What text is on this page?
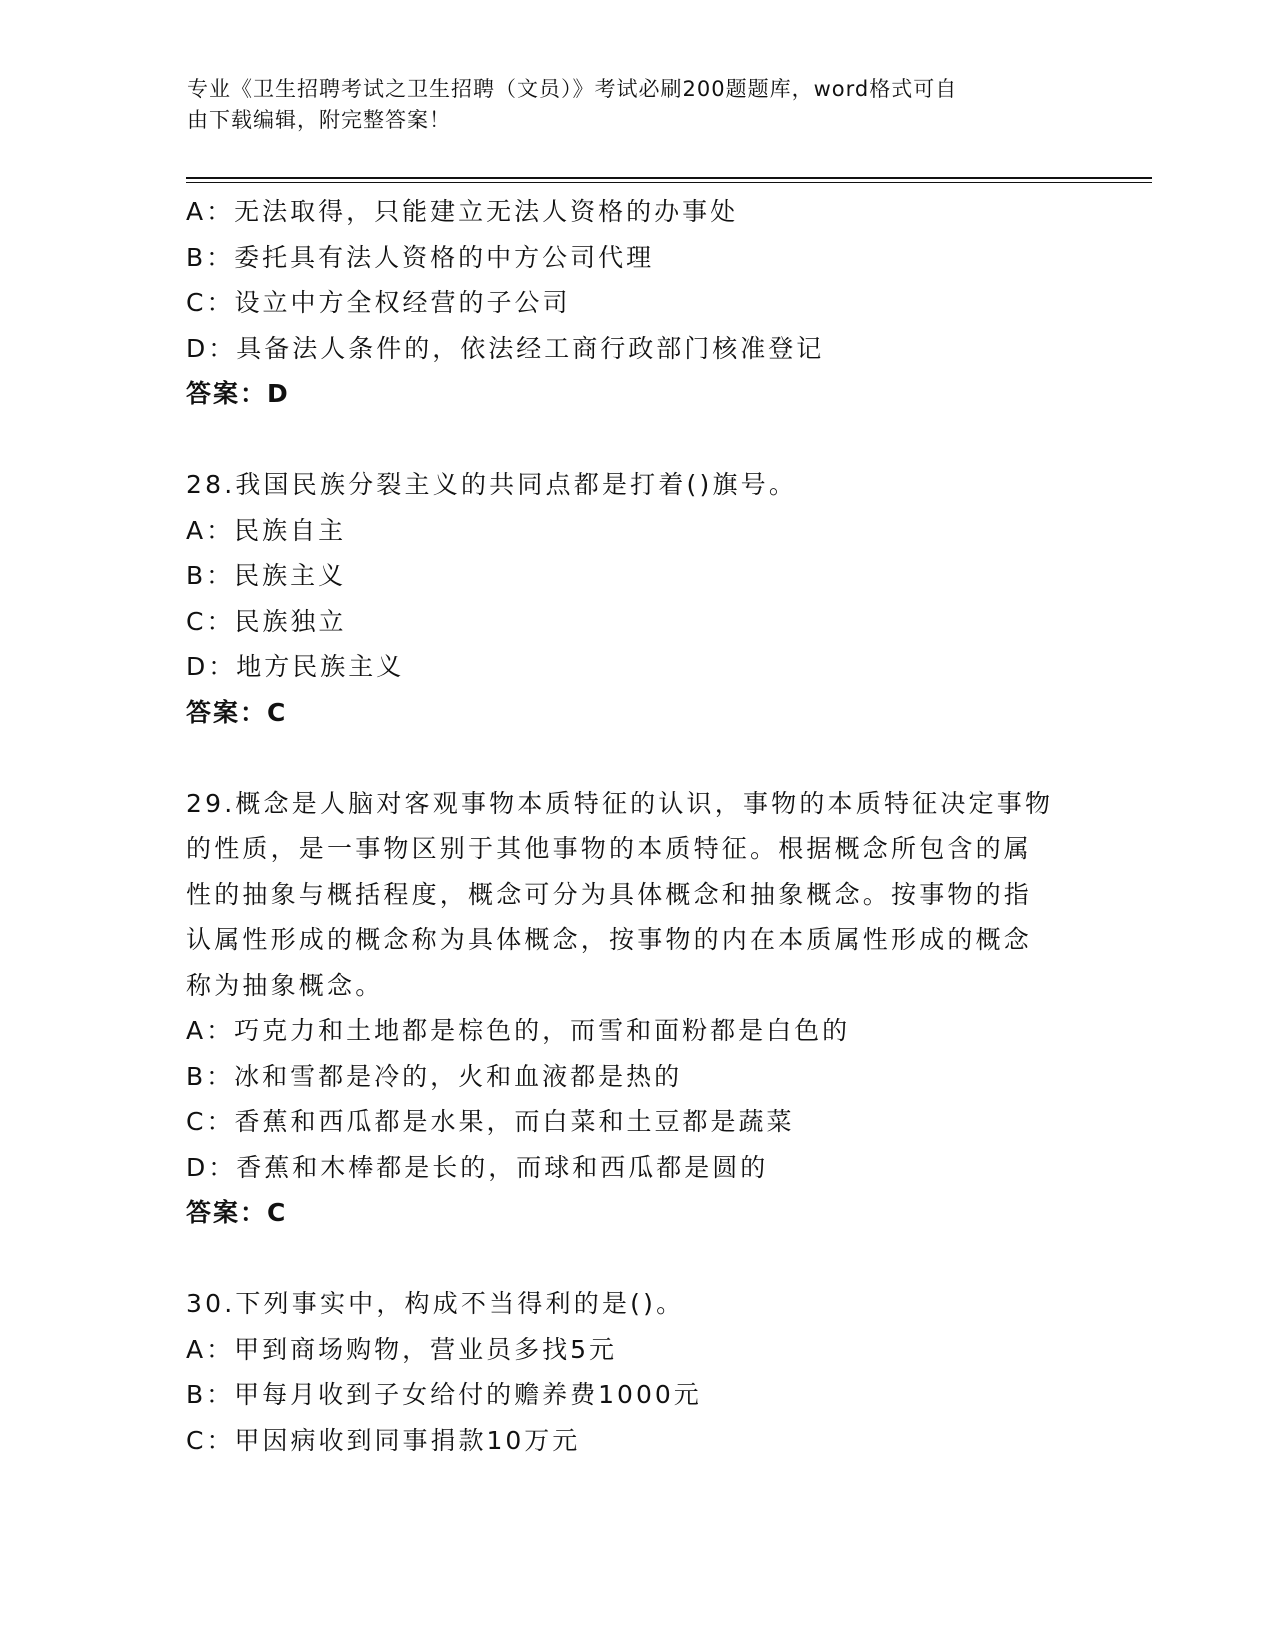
专业《卫生招聘考试之卫生招聘（文员）》考试必刷200题题库，word格式可自
由下载编辑，附完整答案！
A：无法取得，只能建立无法人资格的办事处
B：委托具有法人资格的中方公司代理
C：设立中方全权经营的子公司
D：具备法人条件的，依法经工商行政部门核准登记
答案：D
28.我国民族分裂主义的共同点都是打着()旗号。
A：民族自主
B：民族主义
C：民族独立
D：地方民族主义
答案：C
29.概念是人脑对客观事物本质特征的认识，事物的本质特征决定事物
的性质，是一事物区别于其他事物的本质特征。根据概念所包含的属
性的抽象与概括程度，概念可分为具体概念和抽象概念。按事物的指
认属性形成的概念称为具体概念，按事物的内在本质属性形成的概念
称为抽象概念。
A：巧克力和土地都是棕色的，而雪和面粉都是白色的
B：冰和雪都是冷的，火和血液都是热的
C：香蕉和西瓜都是水果，而白菜和土豆都是蔬菜
D：香蕉和木棒都是长的，而球和西瓜都是圆的
答案：C
30.下列事实中，构成不当得利的是()。
A：甲到商场购物，营业员多找5元
B：甲每月收到子女给付的赡养费1000元
C：甲因病收到同事捐款10万元
